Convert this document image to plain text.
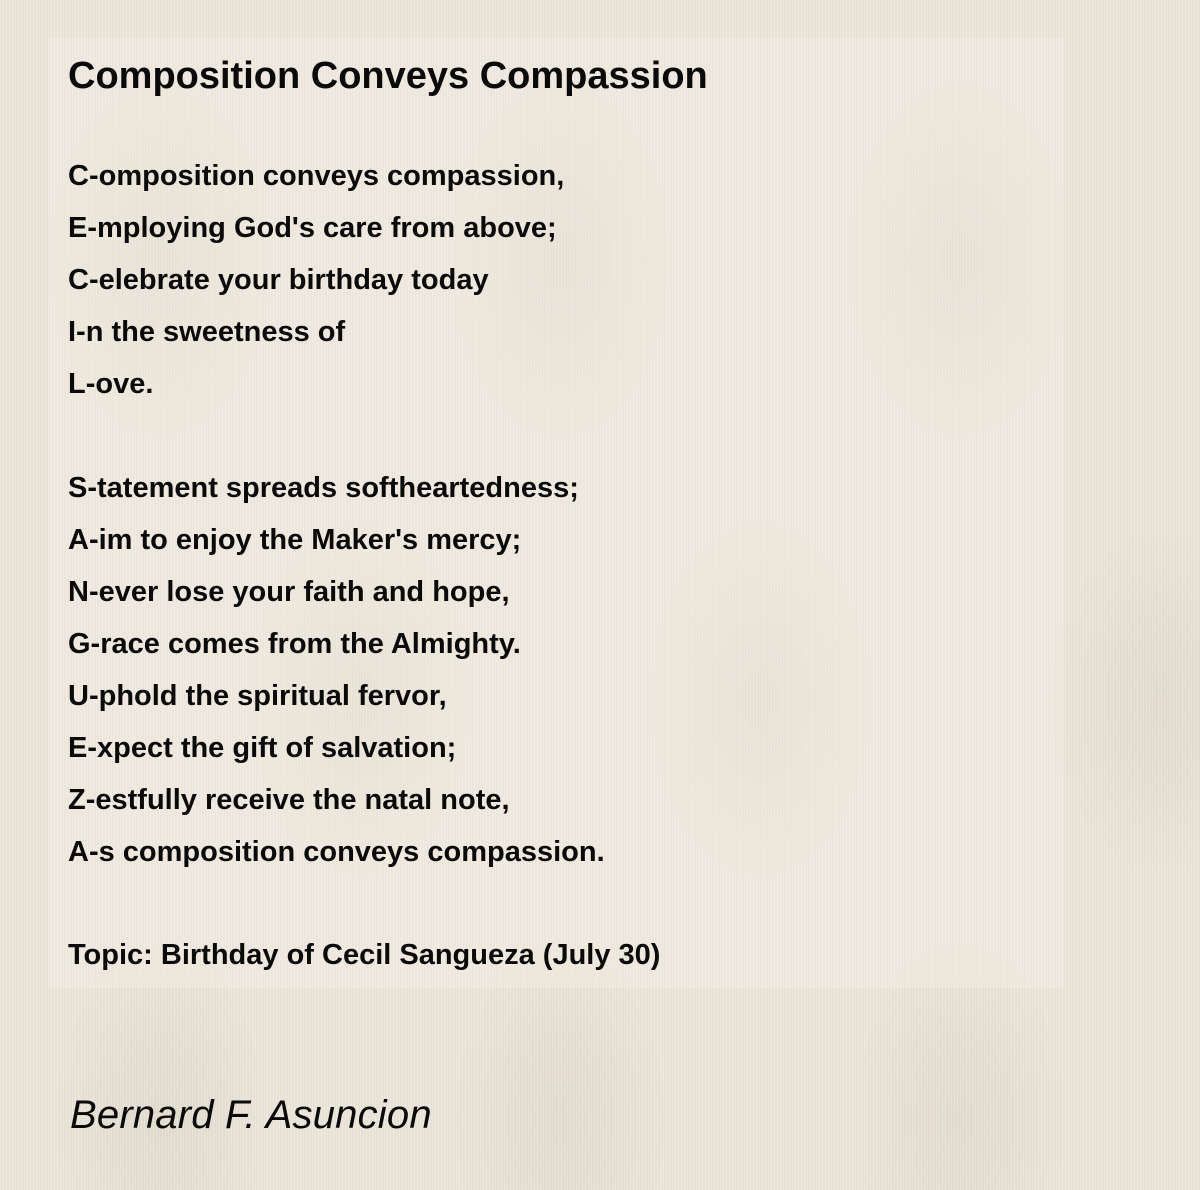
Composition Conveys Compassion
C-omposition conveys compassion,
E-mploying God's care from above;
C-elebrate your birthday today
I-n the sweetness of
L-ove.
S-tatement spreads softheartedness;
A-im to enjoy the Maker's mercy;
N-ever lose your faith and hope,
G-race comes from the Almighty.
U-phold the spiritual fervor,
E-xpect the gift of salvation;
Z-estfully receive the natal note,
A-s composition conveys compassion.
Topic: Birthday of Cecil Sangueza (July 30)
Bernard F. Asuncion
